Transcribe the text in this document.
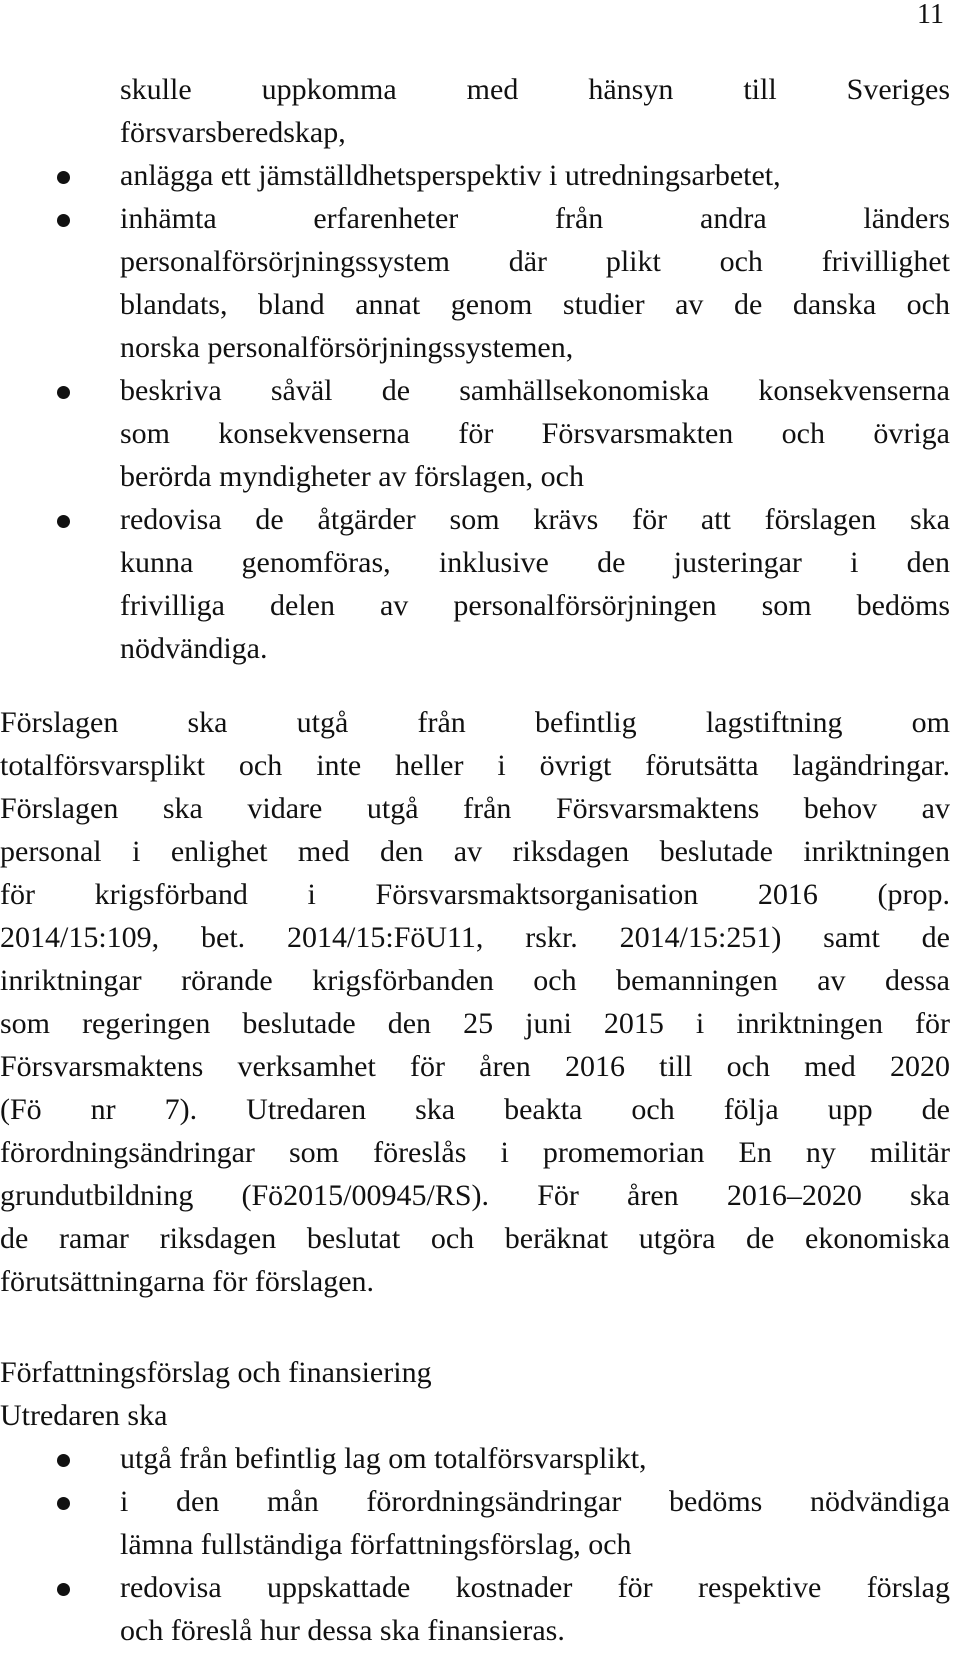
11
skulle uppkomma med hänsyn till Sveriges
försvarsberedskap,
anlägga ett jämställdhetsperspektiv i utredningsarbetet,
inhämta erfarenheter från andra länders
personalförsörjningssystem där plikt och frivillighet
blandats, bland annat genom studier av de danska och
norska personalförsörjningssystemen,
beskriva såväl de samhällsekonomiska konsekvenserna
som konsekvenserna för Försvarsmakten och övriga
berörda myndigheter av förslagen, och
redovisa de åtgärder som krävs för att förslagen ska
kunna genomföras, inklusive de justeringar i den
frivilliga delen av personalförsörjningen som bedöms
nödvändiga.
Förslagen ska utgå från befintlig lagstiftning om
totalförsvarsplikt och inte heller i övrigt förutsätta lagändringar.
Förslagen ska vidare utgå från Försvarsmaktens behov av
personal i enlighet med den av riksdagen beslutade inriktningen
för krigsförband i Försvarsmaktsorganisation 2016 (prop.
2014/15:109, bet. 2014/15:FöU11, rskr. 2014/15:251) samt de
inriktningar rörande krigsförbanden och bemanningen av dessa
som regeringen beslutade den 25 juni 2015 i inriktningen för
Försvarsmaktens verksamhet för åren 2016 till och med 2020
(Fö nr 7). Utredaren ska beakta och följa upp de
förordningsändringar som föreslås i promemorian En ny militär
grundutbildning (Fö2015/00945/RS). För åren 2016–2020 ska
de ramar riksdagen beslutat och beräknat utgöra de ekonomiska
förutsättningarna för förslagen.
Författningsförslag och finansiering
Utredaren ska
utgå från befintlig lag om totalförsvarsplikt,
i den mån förordningsändringar bedöms nödvändiga
lämna fullständiga författningsförslag, och
redovisa uppskattade kostnader för respektive förslag
och föreslå hur dessa ska finansieras.
